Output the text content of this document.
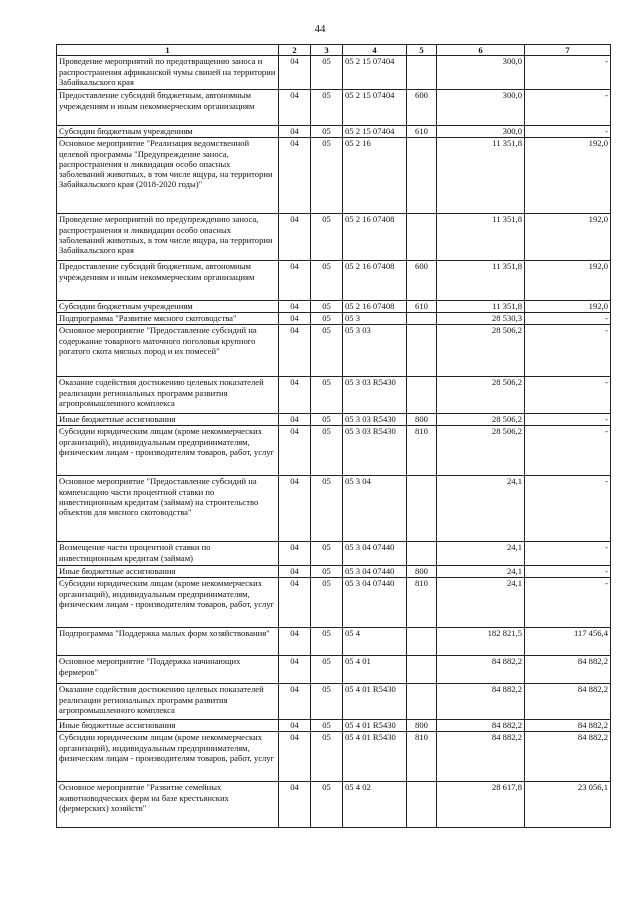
44
1	2	3	4	5	6	7
Проведение мероприятий по предотвращению заноса и распространения африканской чумы свиней на территории Забайкальского края	04	05	05 2 15 07404		300,0	-
Предоставление субсидий бюджетным, автономным учреждениям и иным некоммерческим организациям	04	05	05 2 15 07404	600	300,0	-
Субсидии бюджетным учреждениям	04	05	05 2 15 07404	610	300,0	-
Основное мероприятие "Реализация ведомственной целевой программы "Предупреждение заноса, распространения и ликвидация особо опасных заболеваний животных, в том числе ящура, на территории Забайкальского края (2018-2020 годы)"	04	05	05 2 16		11 351,8	192,0
Проведение мероприятий по предупреждению заноса, распространения и ликвидации особо опасных заболеваний животных, в том числе ящура, на территории Забайкальского края	04	05	05 2 16 07408		11 351,8	192,0
Предоставление субсидий бюджетным, автономным учреждениям и иным некоммерческим организациям	04	05	05 2 16 07408	600	11 351,8	192,0
Субсидии бюджетным учреждениям	04	05	05 2 16 07408	610	11 351,8	192,0
Подпрограмма "Развитие мясного скотоводства"	04	05	05 3		28 530,3	-
Основное мероприятие "Предоставление субсидий на содержание товарного маточного поголовья крупного рогатого скота мясных пород и их помесей"	04	05	05 3 03		28 506,2	-
Оказание содействия достижению целевых показателей реализации региональных программ развития агропромышленного комплекса	04	05	05 3 03 R5430		28 506,2	-
Иные бюджетные ассигнования	04	05	05 3 03 R5430	800	28 506,2	-
Субсидии юридическим лицам (кроме некоммерческих организаций), индивидуальным предпринимателям, физическим лицам - производителям товаров, работ, услуг	04	05	05 3 03 R5430	810	28 506,2	-
Основное мероприятие "Предоставление субсидий на компенсацию части процентной ставки по инвестиционным кредитам (займам) на строительство объектов для мясного скотоводства"	04	05	05 3 04		24,1	-
Возмещение части процентной ставки по инвестиционным кредитам (займам)	04	05	05 3 04 07440		24,1	-
Иные бюджетные ассигнования	04	05	05 3 04 07440	800	24,1	-
Субсидии юридическим лицам (кроме некоммерческих организаций), индивидуальным предпринимателям, физическим лицам - производителям товаров, работ, услуг	04	05	05 3 04 07440	810	24,1	-
Подпрограмма "Поддержка малых форм хозяйствования"	04	05	05 4		182 821,5	117 456,4
Основное мероприятие "Поддержка начинающих фермеров"	04	05	05 4 01		84 882,2	84 882,2
Оказание содействия достижению целевых показателей реализации региональных программ развития агропромышленного комплекса	04	05	05 4 01 R5430		84 882,2	84 882,2
Иные бюджетные ассигнования	04	05	05 4 01 R5430	800	84 882,2	84 882,2
Субсидии юридическим лицам (кроме некоммерческих организаций), индивидуальным предпринимателям, физическим лицам - производителям товаров, работ, услуг	04	05	05 4 01 R5430	810	84 882,2	84 882,2
Основное мероприятие "Развитие семейных животноводческих ферм на базе крестьянских (фермерских) хозяйств"	04	05	05 4 02		28 617,8	23 056,1
